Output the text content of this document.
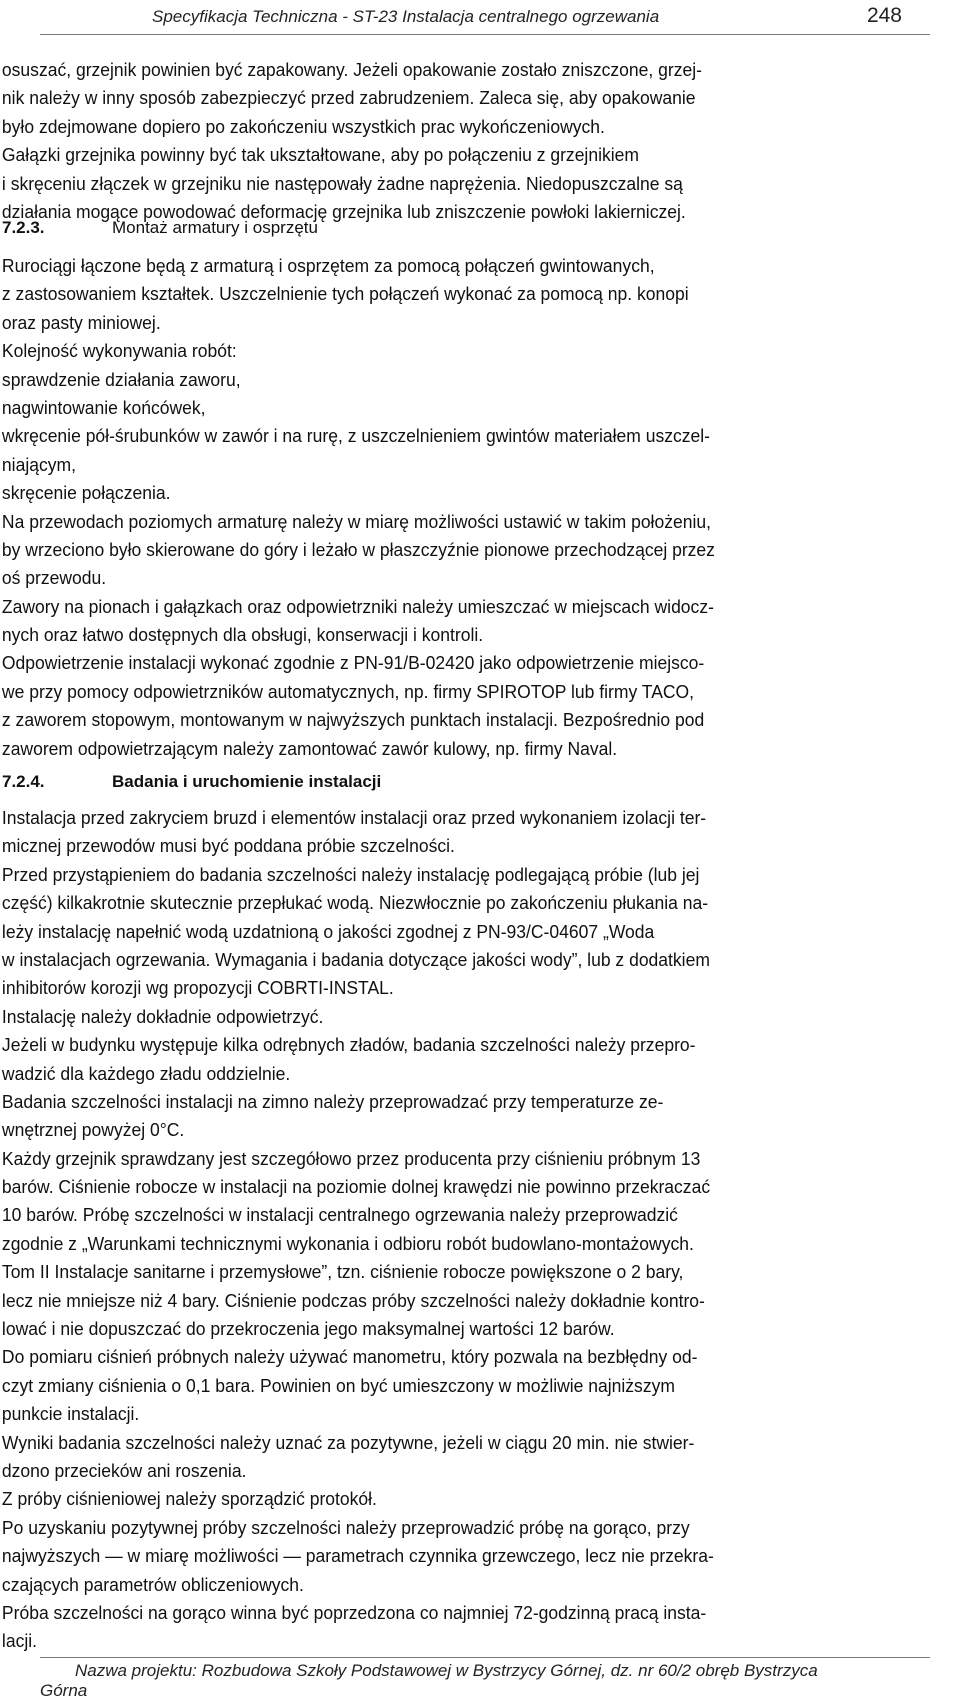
Specyfikacja Techniczna - ST-23 Instalacja centralnego ogrzewania	248
osuszać, grzejnik powinien być zapakowany. Jeżeli opakowanie zostało zniszczone, grzej-
nik należy w inny sposób zabezpieczyć przed zabrudzeniem. Zaleca się, aby opakowanie
było zdejmowane dopiero po zakończeniu wszystkich prac wykończeniowych.
Gałązki grzejnika powinny być tak ukształtowane, aby po połączeniu z grzejnikiem
i skręceniu złączek w grzejniku nie następowały żadne naprężenia. Niedopuszczalne są
działania mogące powodować deformację grzejnika lub zniszczenie powłoki lakierniczej.
7.2.3.	Montaż armatury i osprzętu
Rurociągi łączone będą z armaturą i osprzętem za pomocą połączeń gwintowanych,
z zastosowaniem kształtek. Uszczelnienie tych połączeń wykonać za pomocą np. konopi
oraz pasty miniowej.
Kolejność wykonywania robót:
sprawdzenie działania zaworu,
nagwintowanie końcówek,
wkręcenie pół-śrubunków w zawór i na rurę, z uszczelnieniem gwintów materiałem uszczel-
niającym,
skręcenie połączenia.
Na przewodach poziomych armaturę należy w miarę możliwości ustawić w takim położeniu,
by wrzeciono było skierowane do góry i leżało w płaszczyźnie pionowe przechodzącej przez
oś przewodu.
Zawory na pionach i gałązkach oraz odpowietrzniki należy umieszczać w miejscach widocz-
nych oraz łatwo dostępnych dla obsługi, konserwacji i kontroli.
Odpowietrzenie instalacji wykonać zgodnie z PN-91/B-02420 jako odpowietrzenie miejsco-
we przy pomocy odpowietrzników automatycznych, np. firmy SPIROTOP lub firmy TACO,
z zaworem stopowym, montowanym w najwyższych punktach instalacji. Bezpośrednio pod
zaworem odpowietrzającym należy zamontować zawór kulowy, np. firmy Naval.
7.2.4.	Badania i uruchomienie instalacji
Instalacja przed zakryciem bruzd i elementów instalacji oraz przed wykonaniem izolacji ter-
micznej przewodów musi być poddana próbie szczelności.
Przed przystąpieniem do badania szczelności należy instalację podlegającą próbie (lub jej
część) kilkakrotnie skutecznie przepłukać wodą. Niezwłocznie po zakończeniu płukania na-
leży instalację napełnić wodą uzdatnioną o jakości zgodnej z PN-93/C-04607 „Woda
w instalacjach ogrzewania. Wymagania i badania dotyczące jakości wody”, lub z dodatkiem
inhibitorów korozji wg propozycji COBRTI-INSTAL.
Instalację należy dokładnie odpowietrzyć.
Jeżeli w budynku występuje kilka odrębnych zładów, badania szczelności należy przepro-
wadzić dla każdego zładu oddzielnie.
Badania szczelności instalacji na zimno należy przeprowadzać przy temperaturze ze-
wnętrznej powyżej 0°C.
Każdy grzejnik sprawdzany jest szczegółowo przez producenta przy ciśnieniu próbnym 13
barów. Ciśnienie robocze w instalacji na poziomie dolnej krawędzi nie powinno przekraczać
10 barów. Próbę szczelności w instalacji centralnego ogrzewania należy przeprowadzić
zgodnie z „Warunkami technicznymi wykonania i odbioru robót budowlano-montażowych.
Tom II Instalacje sanitarne i przemysłowe”, tzn. ciśnienie robocze powiększone o 2 bary,
lecz nie mniejsze niż 4 bary. Ciśnienie podczas próby szczelności należy dokładnie kontro-
lować i nie dopuszczać do przekroczenia jego maksymalnej wartości 12 barów.
Do pomiaru ciśnień próbnych należy używać manometru, który pozwala na bezbłędny od-
czyt zmiany ciśnienia o 0,1 bara. Powinien on być umieszczony w możliwie najniższym
punkcie instalacji.
Wyniki badania szczelności należy uznać za pozytywne, jeżeli w ciągu 20 min. nie stwier-
dzono przecieków ani roszenia.
Z próby ciśnieniowej należy sporządzić protokół.
Po uzyskaniu pozytywnej próby szczelności należy przeprowadzić próbę na gorąco, przy
najwyższych — w miarę możliwości — parametrach czynnika grzewczego, lecz nie przekra-
czających parametrów obliczeniowych.
Próba szczelności na gorąco winna być poprzedzona co najmniej 72-godzinną pracą insta-
lacji.
Nazwa projektu: Rozbudowa Szkoły Podstawowej w Bystrzycy Górnej, dz. nr 60/2 obręb Bystrzyca
Górna
